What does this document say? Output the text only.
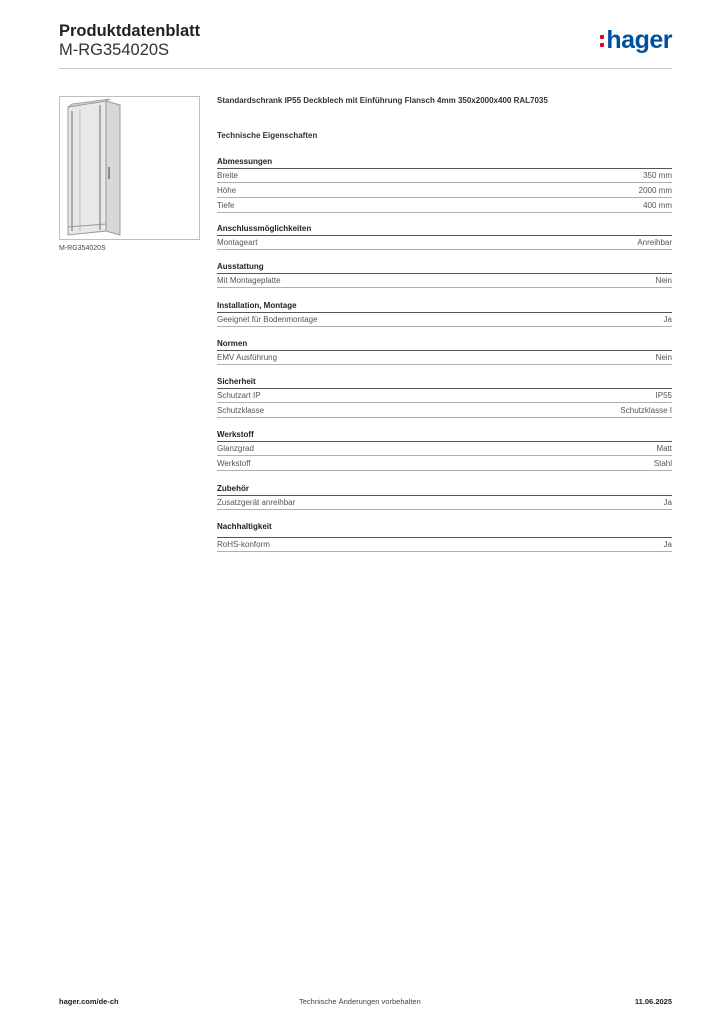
Produktdatenblatt
M-RG354020S	hager
M-RG354020S
Standardschrank IP55 Deckblech mit Einführung Flansch 4mm 350x2000x400 RAL7035
Technische Eigenschaften
Abmessungen
Breite	350 mm
Höhe	2000 mm
Tiefe	400 mm
Anschlussmöglichkeiten
Montageart	Anreihbar
Ausstattung
Mit Montageplatte	Nein
Installation, Montage
Geeignet für Bodenmontage	Ja
Normen
EMV Ausführung	Nein
Sicherheit
Schutzart IP	IP55
Schutzklasse	Schutzklasse I
Werkstoff
Glanzgrad	Matt
Werkstoff	Stahl
Zubehör
Zusatzgerät anreihbar	Ja
Nachhaltigkeit
RoHS-konform	Ja
hager.com/de-ch	Technische Änderungen vorbehalten	11.06.2025
